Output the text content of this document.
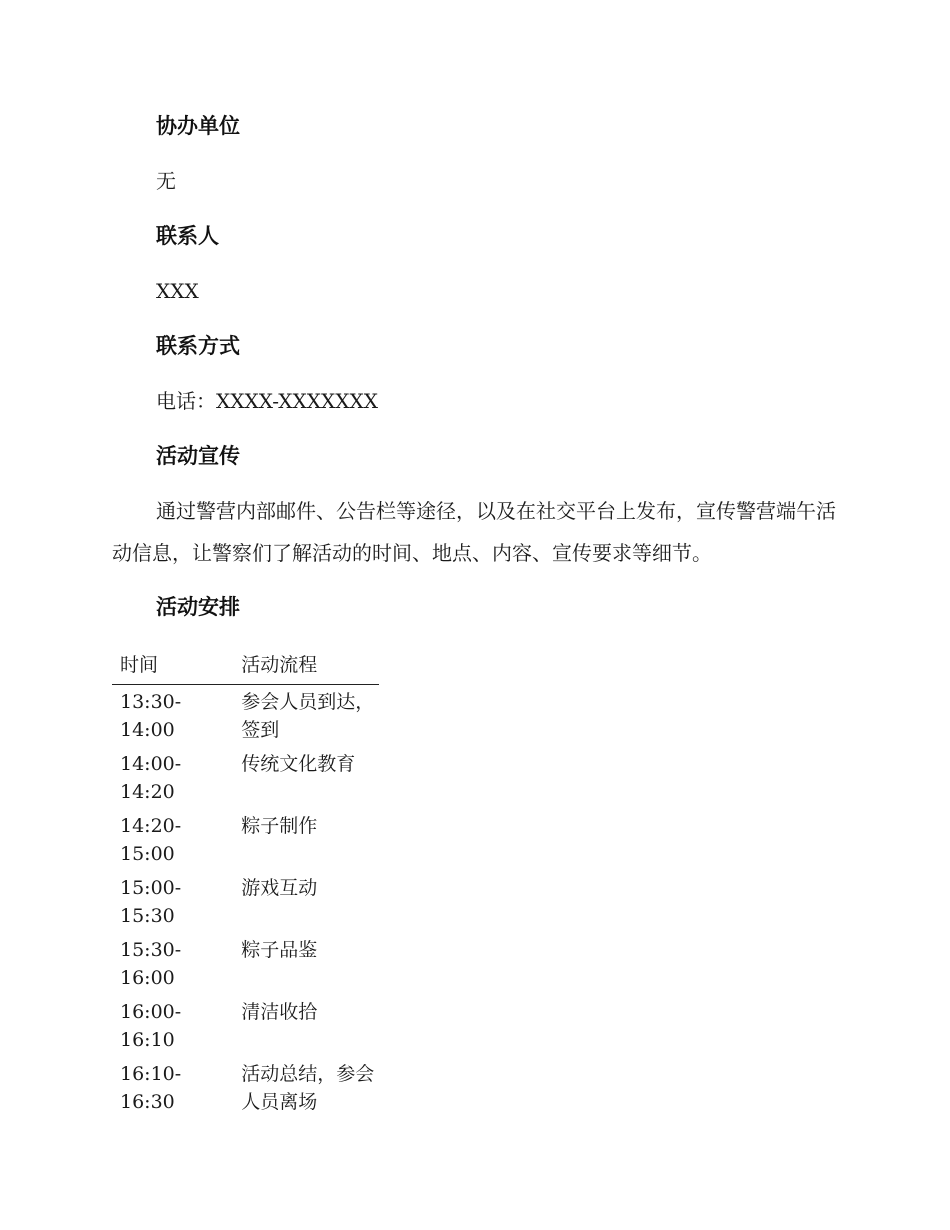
协办单位
无
联系人
XXX
联系方式
电话：XXXX-XXXXXXX
活动宣传

通过警营内部邮件、公告栏等途径，以及在社交平台上发布，宣传警营端午活动信息，让警察们了解活动的时间、地点、内容、宣传要求等细节。

活动安排
时间	活动流程
13:30-14:00	参会人员到达，签到
14:00-14:20	传统文化教育
14:20-15:00	粽子制作
15:00-15:30	游戏互动
15:30-16:00	粽子品鉴
16:00-16:10	清洁收拾
16:10-16:30	活动总结，参会人员离场
